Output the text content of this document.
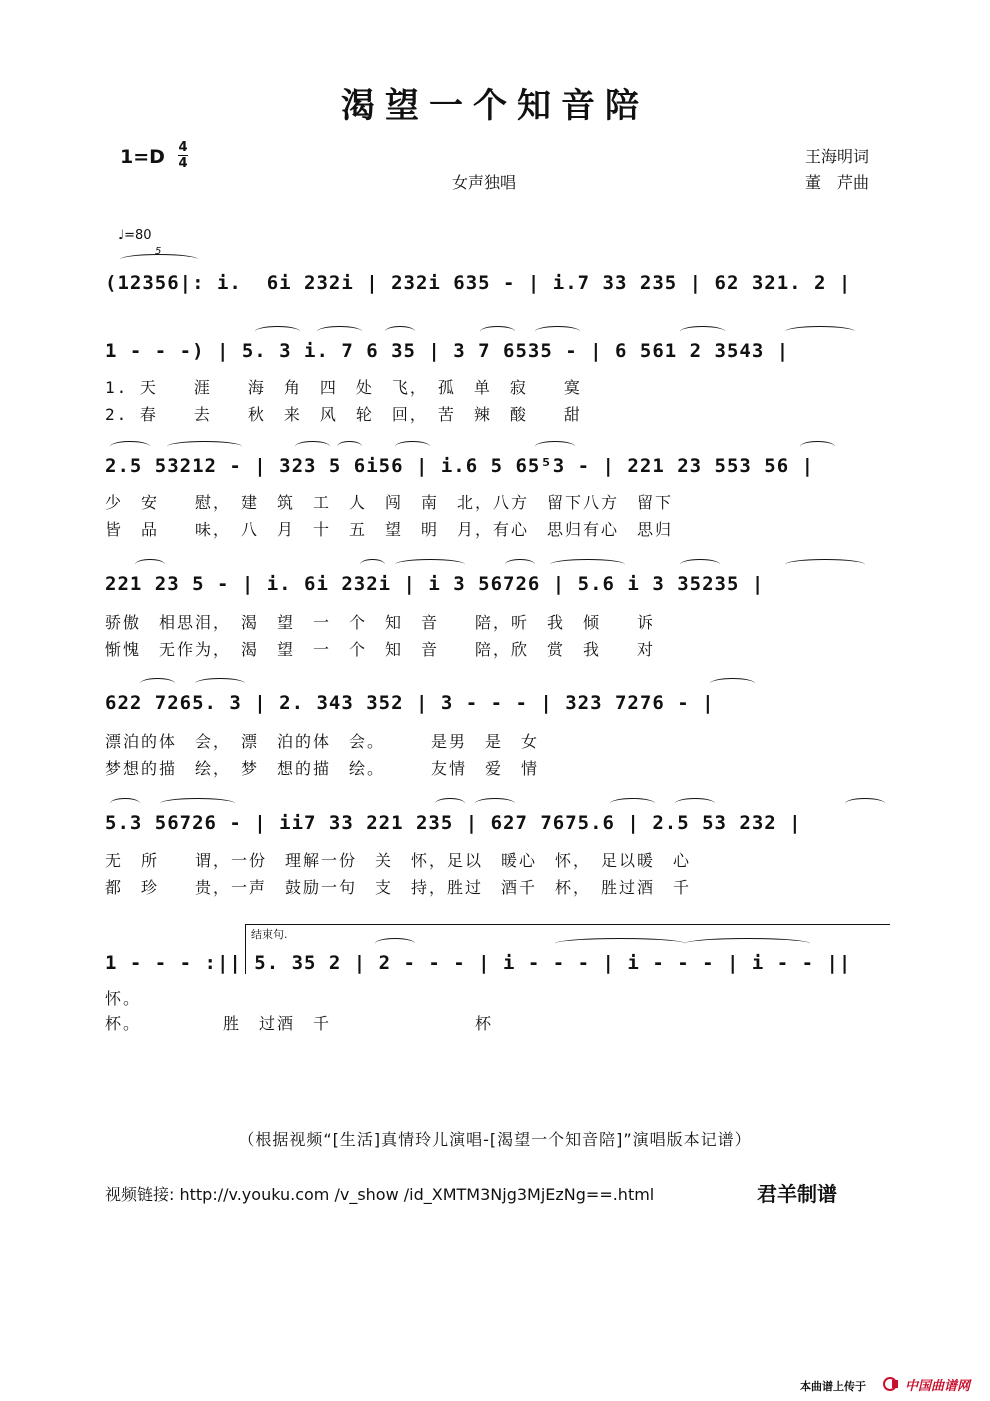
渴望一个知音陪
1=D 4
4
女声独唱
王海明词
董　芹曲
♩=80
5
(12356|: i.  6i 232i | 232i 635 - | i.7 33 235 | 62 321. 2 |
1 - - -) | 5. 3 i. 7 6 35 | 3 7 6535 - | 6 561 2 3543 |
1. 天　　涯　　海　角　四　处　飞，　孤　单　寂　　寞
2. 春　　去　　秋　来　风　轮　回，　苦　辣　酸　　甜
2.5 53212 - | 323 5 6i56 | i.6 5 65⁵3 - | 221 23 553 56 |
少　安　　慰，　建　筑　工　人　闯　南　北，八方　留下八方　留下
皆　品　　味，　八　月　十　五　望　明　月，有心　思归有心　思归
221 23 5 - | i. 6i 232i | i 3 56726 | 5.6 i 3 35235 |
骄傲　相思泪，　渴　望　一　个　知　音　　陪，听　我　倾　　诉
惭愧　无作为，　渴　望　一　个　知　音　　陪，欣　赏　我　　对
622 7265. 3 | 2. 343 352 | 3 - - - | 323 7276 - |
漂泊的体　会，　漂　泊的体　会。　　　是男　是　女
梦想的描　绘，　梦　想的描　绘。　　　友情　爱　情
5.3 56726 - | ii7 33 221 235 | 627 7675.6 | 2.5 53 232 |
无　所　　谓，一份　理解一份　关　怀，足以　暖心　怀，　足以暖　心
都　珍　　贵，一声　鼓励一句　支　持，胜过　酒千　杯，　胜过酒　千
结束句.
1 - - - :|| 5. 35 2 | 2 - - - | i - - - | i - - - | i - - ||
怀。
杯。　　　　　胜　过酒　千　　　　　　　　杯
（根据视频“[生活]真情玲儿演唱-[渴望一个知音陪]”演唱版本记谱）
视频链接: http://v.youku.com /v_show /id_XMTM3Njg3MjEzNg==.html	君羊制谱
本曲谱上传于	中国曲谱网
